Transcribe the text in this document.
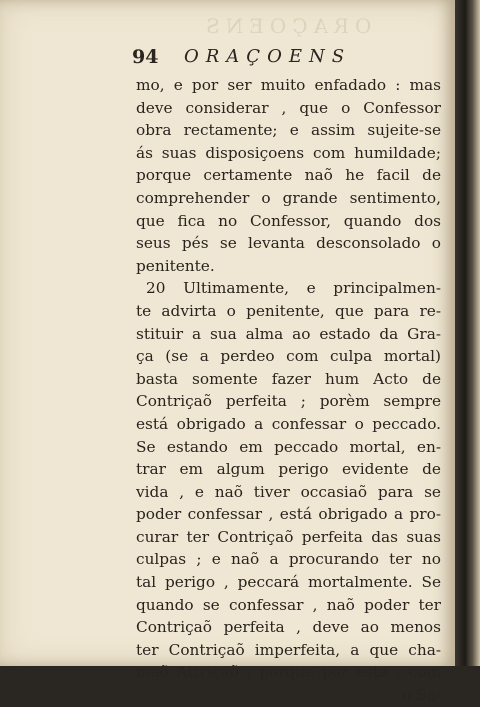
ORAÇOENS
94 ORAÇOENS
mo, e por ser muito enfadado : mas
deve considerar , que o Confessor
obra rectamente; e assim sujeite-se
ás suas disposiçoens com humildade;
porque certamente naõ he facil de
comprehender o grande sentimento,
que fica no Confessor, quando dos
seus pés se levanta desconsolado o
penitente.
20 Ultimamente, e principalmen-
te advirta o penitente, que para re-
stituir a sua alma ao estado da Gra-
ça (se a perdeo com culpa mortal)
basta somente fazer hum Acto de
Contriçaõ perfeita ; porèm sempre
está obrigado a confessar o peccado.
Se estando em peccado mortal, en-
trar em algum perigo evidente de
vida , e naõ tiver occasiaõ para se
poder confessar , está obrigado a pro-
curar ter Contriçaõ perfeita das suas
culpas ; e naõ a procurando ter no
tal perigo , peccará mortalmente. Se
quando se confessar , naõ poder ter
Contriçaõ perfeita , deve ao menos
ter Contriçaõ imperfeita, a que cha-
maõ Attriçaõ , porque por esta , com
o Sa-
